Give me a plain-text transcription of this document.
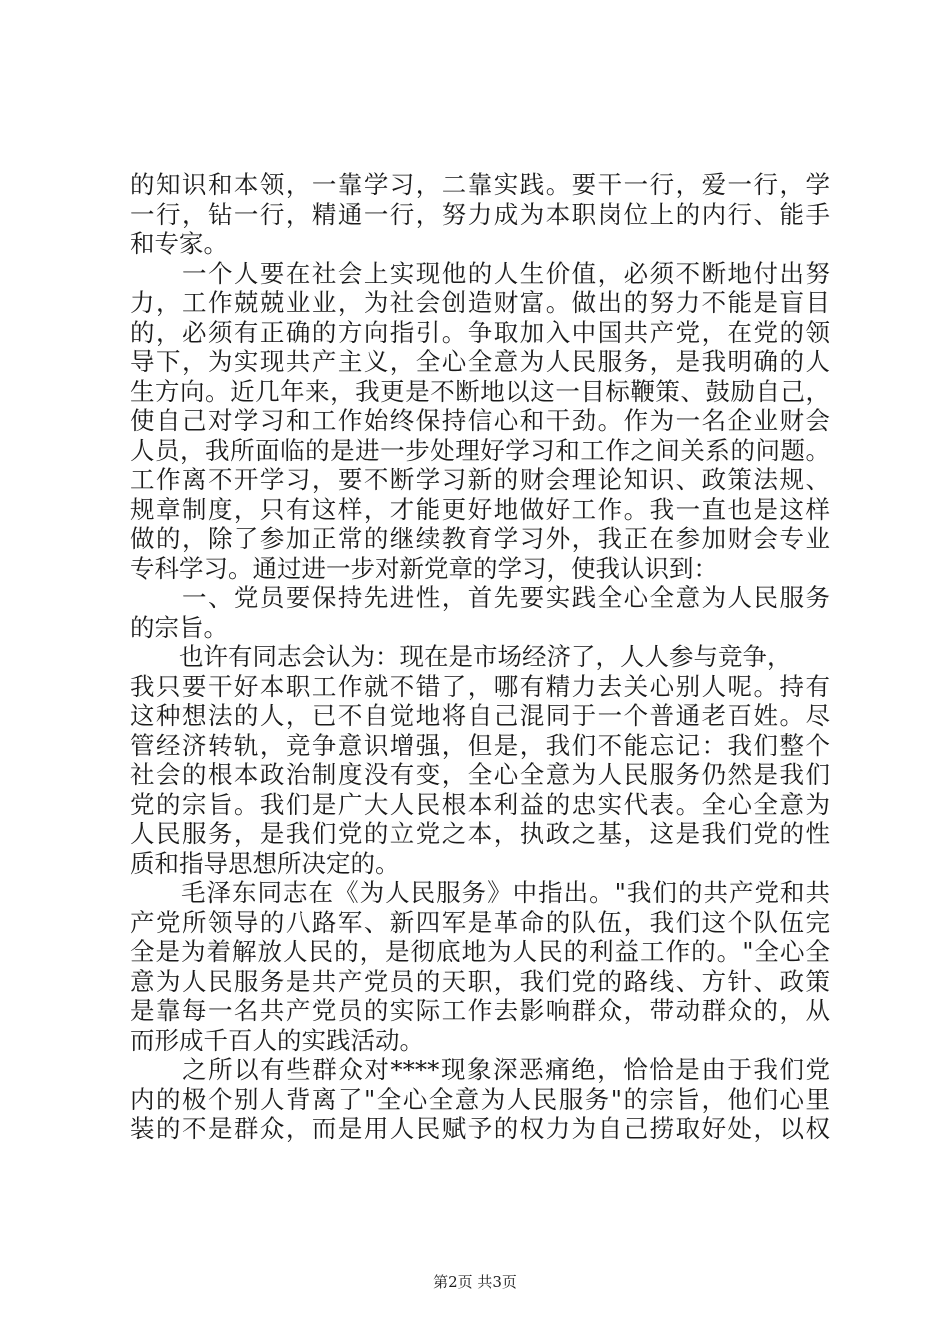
的知识和本领，一靠学习，二靠实践。要干一行，爱一行，学
一行，钻一行，精通一行，努力成为本职岗位上的内行、能手
和专家。
　　一个人要在社会上实现他的人生价值，必须不断地付出努
力，工作兢兢业业，为社会创造财富。做出的努力不能是盲目
的，必须有正确的方向指引。争取加入中国共产党，在党的领
导下，为实现共产主义，全心全意为人民服务，是我明确的人
生方向。近几年来，我更是不断地以这一目标鞭策、鼓励自己，
使自己对学习和工作始终保持信心和干劲。作为一名企业财会
人员，我所面临的是进一步处理好学习和工作之间关系的问题。
工作离不开学习，要不断学习新的财会理论知识、政策法规、
规章制度，只有这样，才能更好地做好工作。我一直也是这样
做的，除了参加正常的继续教育学习外，我正在参加财会专业
专科学习。通过进一步对新党章的学习，使我认识到：
　　一、党员要保持先进性，首先要实践全心全意为人民服务
的宗旨。
　　也许有同志会认为：现在是市场经济了，人人参与竞争，
我只要干好本职工作就不错了，哪有精力去关心别人呢。持有
这种想法的人，已不自觉地将自己混同于一个普通老百姓。尽
管经济转轨，竞争意识增强，但是，我们不能忘记：我们整个
社会的根本政治制度没有变，全心全意为人民服务仍然是我们
党的宗旨。我们是广大人民根本利益的忠实代表。全心全意为
人民服务，是我们党的立党之本，执政之基，这是我们党的性
质和指导思想所决定的。
　　毛泽东同志在《为人民服务》中指出。"我们的共产党和共
产党所领导的八路军、新四军是革命的队伍，我们这个队伍完
全是为着解放人民的，是彻底地为人民的利益工作的。"全心全
意为人民服务是共产党员的天职，我们党的路线、方针、政策
是靠每一名共产党员的实际工作去影响群众，带动群众的，从
而形成千百人的实践活动。
　　之所以有些群众对****现象深恶痛绝，恰恰是由于我们党
内的极个别人背离了"全心全意为人民服务"的宗旨，他们心里
装的不是群众，而是用人民赋予的权力为自己捞取好处，以权
第2页 共3页
